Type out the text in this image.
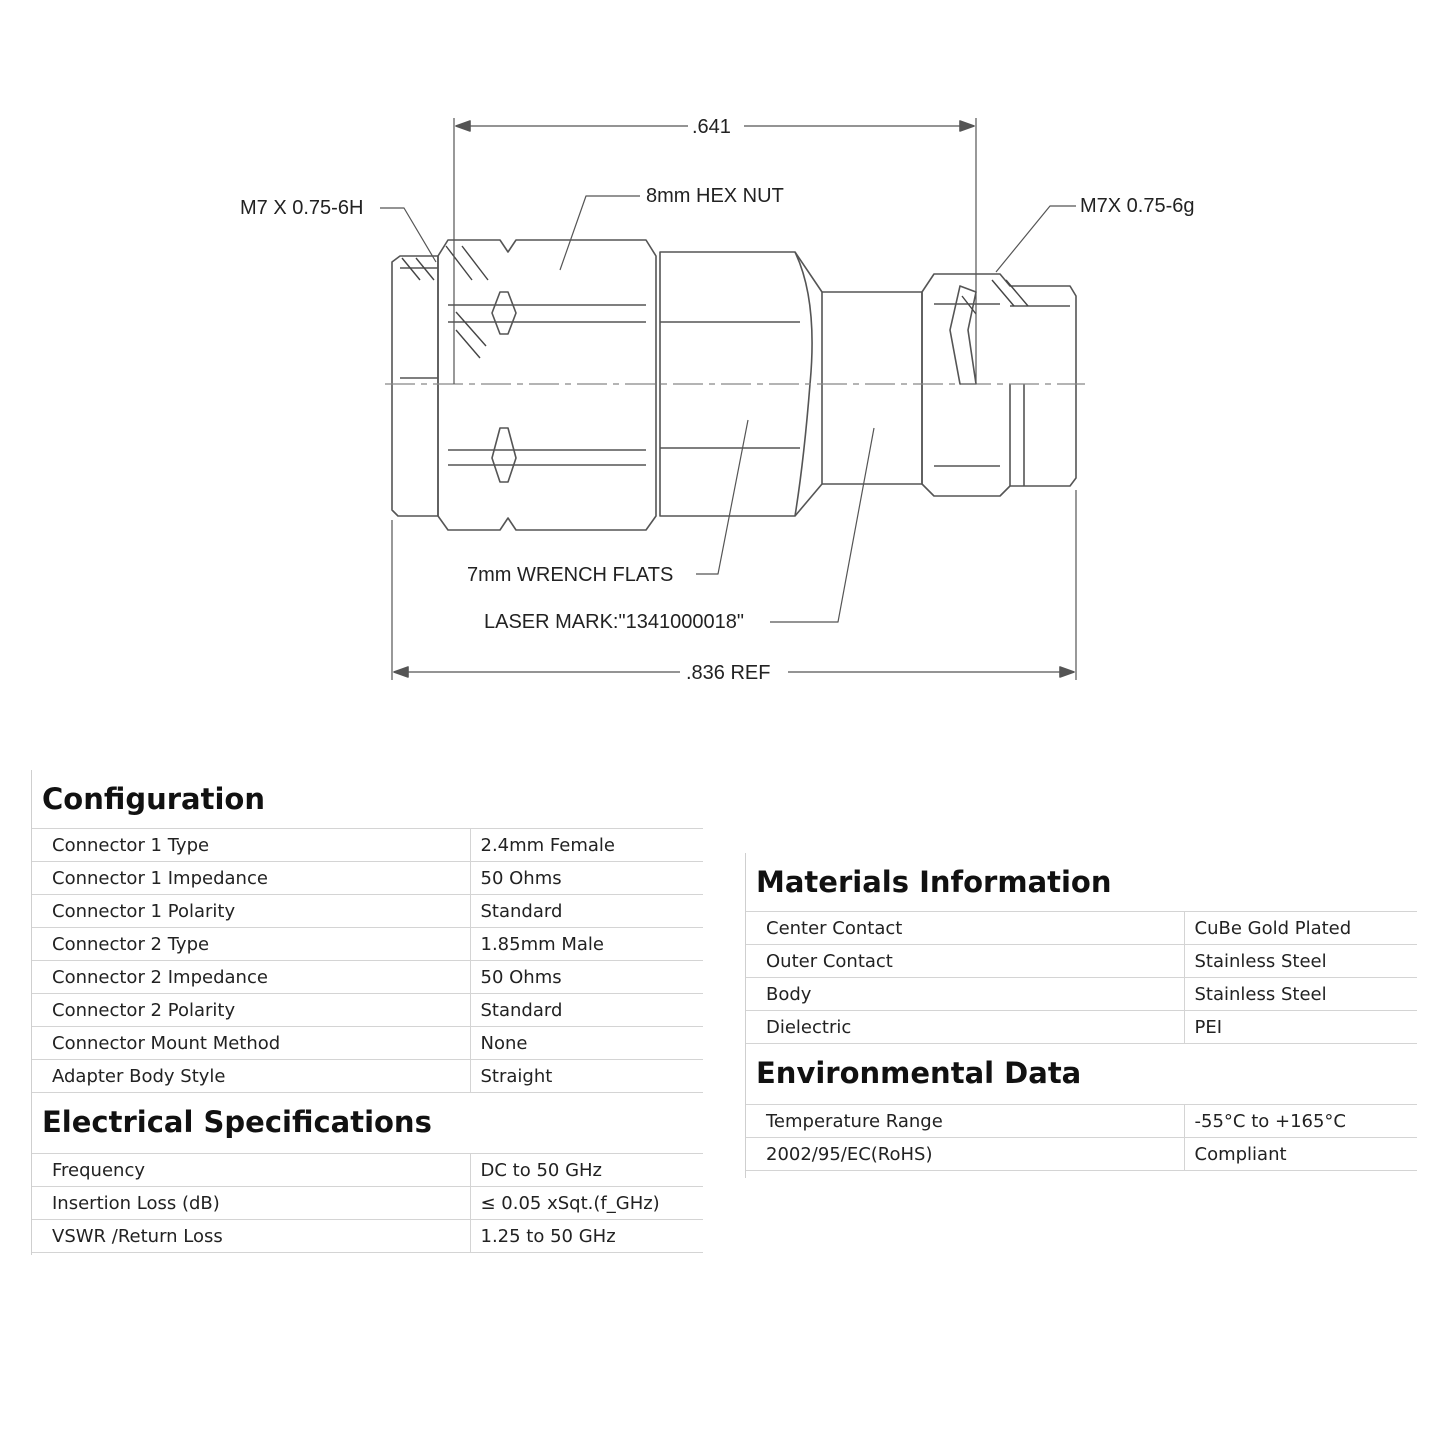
.641
.836 REF
M7 X 0.75-6H
8mm HEX NUT	M7X 0.75-6g
7mm WRENCH FLATS
LASER MARK:"1341000018"
Configuration
Connector 1 Type	2.4mm Female
Connector 1 Impedance	50 Ohms
Connector 1 Polarity	Standard
Connector 2 Type	1.85mm Male
Connector 2 Impedance	50 Ohms
Connector 2 Polarity	Standard
Connector Mount Method	None
Adapter Body Style	Straight
Electrical Specifications
Frequency	DC to 50 GHz
Insertion Loss (dB)	≤ 0.05 xSqt.(f_GHz)
VSWR /Return Loss	1.25 to 50 GHz
Materials Information
Center Contact	CuBe Gold Plated
Outer Contact	Stainless Steel
Body	Stainless Steel
Dielectric	PEI
Environmental Data
Temperature Range	-55°C to +165°C
2002/95/EC(RoHS)	Compliant
